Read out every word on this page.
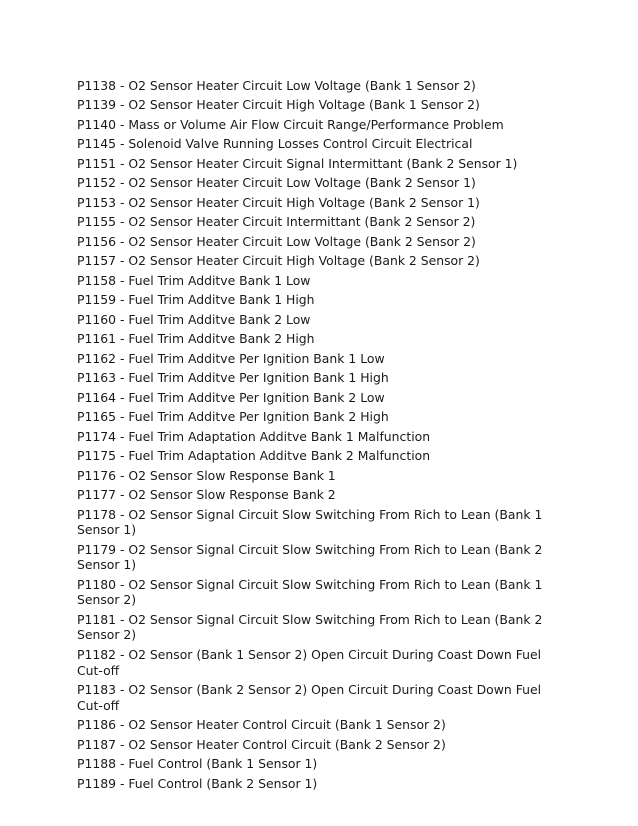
P1138 - O2 Sensor Heater Circuit Low Voltage (Bank 1 Sensor 2)
P1139 - O2 Sensor Heater Circuit High Voltage (Bank 1 Sensor 2)
P1140 - Mass or Volume Air Flow Circuit Range/Performance Problem
P1145 - Solenoid Valve Running Losses Control Circuit Electrical
P1151 - O2 Sensor Heater Circuit Signal Intermittant (Bank 2 Sensor 1)
P1152 - O2 Sensor Heater Circuit Low Voltage (Bank 2 Sensor 1)
P1153 - O2 Sensor Heater Circuit High Voltage (Bank 2 Sensor 1)
P1155 - O2 Sensor Heater Circuit Intermittant (Bank 2 Sensor 2)
P1156 - O2 Sensor Heater Circuit Low Voltage (Bank 2 Sensor 2)
P1157 - O2 Sensor Heater Circuit High Voltage (Bank 2 Sensor 2)
P1158 - Fuel Trim Additve Bank 1 Low
P1159 - Fuel Trim Additve Bank 1 High
P1160 - Fuel Trim Additve Bank 2 Low
P1161 - Fuel Trim Additve Bank 2 High
P1162 - Fuel Trim Additve Per Ignition Bank 1 Low
P1163 - Fuel Trim Additve Per Ignition Bank 1 High
P1164 - Fuel Trim Additve Per Ignition Bank 2 Low
P1165 - Fuel Trim Additve Per Ignition Bank 2 High
P1174 - Fuel Trim Adaptation Additve Bank 1 Malfunction
P1175 - Fuel Trim Adaptation Additve Bank 2 Malfunction
P1176 - O2 Sensor Slow Response Bank 1
P1177 - O2 Sensor Slow Response Bank 2
P1178 - O2 Sensor Signal Circuit Slow Switching From Rich to Lean (Bank 1 Sensor 1)
P1179 - O2 Sensor Signal Circuit Slow Switching From Rich to Lean (Bank 2 Sensor 1)
P1180 - O2 Sensor Signal Circuit Slow Switching From Rich to Lean (Bank 1 Sensor 2)
P1181 - O2 Sensor Signal Circuit Slow Switching From Rich to Lean (Bank 2 Sensor 2)
P1182 - O2 Sensor (Bank 1 Sensor 2) Open Circuit During Coast Down Fuel Cut-off
P1183 - O2 Sensor (Bank 2 Sensor 2) Open Circuit During Coast Down Fuel Cut-off
P1186 - O2 Sensor Heater Control Circuit (Bank 1 Sensor 2)
P1187 - O2 Sensor Heater Control Circuit (Bank 2 Sensor 2)
P1188 - Fuel Control (Bank 1 Sensor 1)
P1189 - Fuel Control (Bank 2 Sensor 1)
